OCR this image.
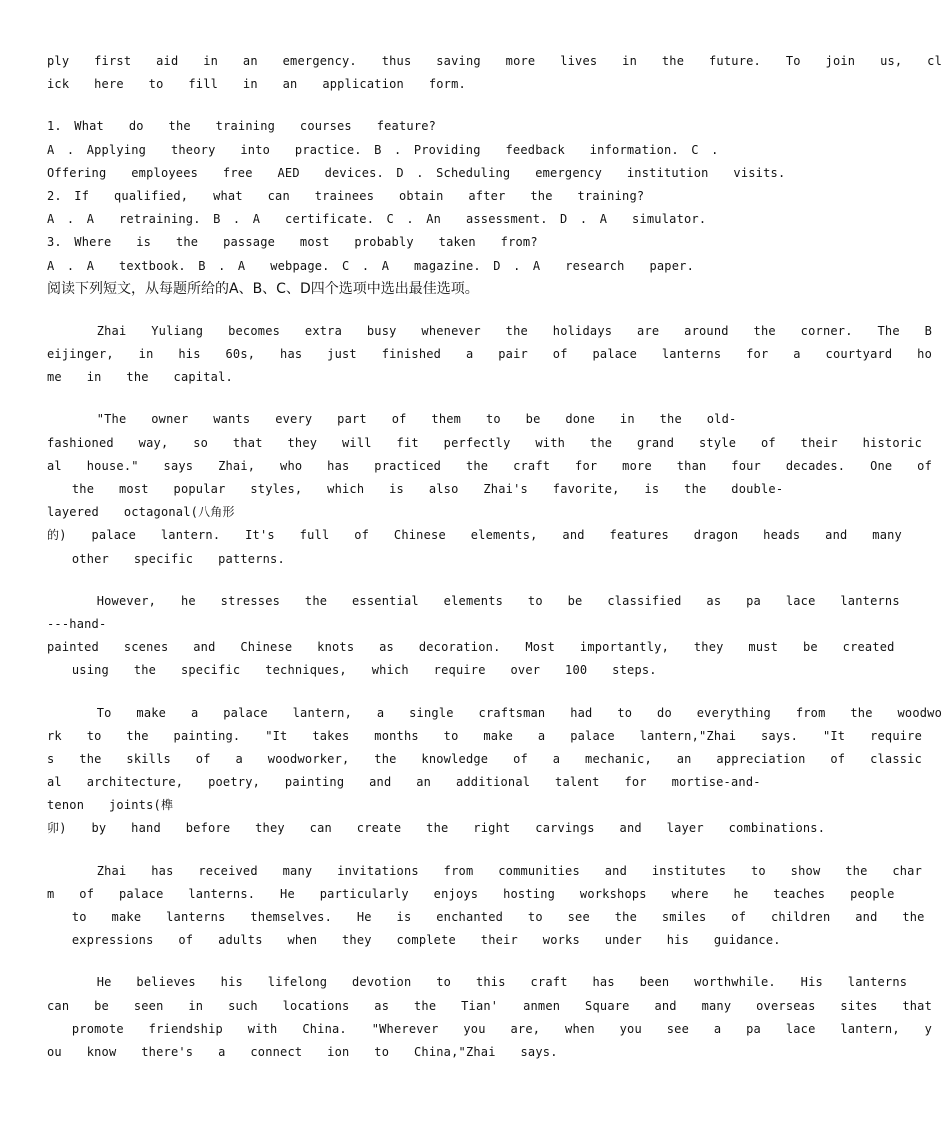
ply  first  aid  in  an  emergency.  thus  saving  more  lives  in  the  future.  To  join  us,  cl
ick  here  to  fill  in  an  application  form.
1. What  do  the  training  courses  feature?
A . Applying  theory  into  practice. B . Providing  feedback  information. C .
Offering  employees  free  AED  devices. D . Scheduling  emergency  institution  visits.
2. If  qualified,  what  can  trainees  obtain  after  the  training?
A . A  retraining. B . A  certificate. C . An  assessment. D . A  simulator.
3. Where  is  the  passage  most  probably  taken  from?
A . A  textbook. B . A  webpage. C . A  magazine. D . A  research  paper.
阅读下列短文，从每题所给的A、B、C、D四个选项中选出最佳选项。
Zhai  Yuliang  becomes  extra  busy  whenever  the  holidays  are  around  the  corner.  The  B
eijinger,  in  his  60s,  has  just  finished  a  pair  of  palace  lanterns  for  a  courtyard  ho
me  in  the  capital.
"The  owner  wants  every  part  of  them  to  be  done  in  the  old-
fashioned  way,  so  that  they  will  fit  perfectly  with  the  grand  style  of  their  historic
al  house."  says  Zhai,  who  has  practiced  the  craft  for  more  than  four  decades.  One  of
the  most  popular  styles,  which  is  also  Zhai's  favorite,  is  the  double-
layered  octagonal(八角形
的)  palace  lantern.  It's  full  of  Chinese  elements,  and  features  dragon  heads  and  many
other  specific  patterns.
However,  he  stresses  the  essential  elements  to  be  classified  as  pa  lace  lanterns
---hand-
painted  scenes  and  Chinese  knots  as  decoration.  Most  importantly,  they  must  be  created
using  the  specific  techniques,  which  require  over  100  steps.
To  make  a  palace  lantern,  a  single  craftsman  had  to  do  everything  from  the  woodwo
rk  to  the  painting.  "It  takes  months  to  make  a  palace  lantern,"Zhai  says.  "It  require
s  the  skills  of  a  woodworker,  the  knowledge  of  a  mechanic,  an  appreciation  of  classic
al  architecture,  poetry,  painting  and  an  additional  talent  for  mortise-and-
tenon  joints(榫
卯)  by  hand  before  they  can  create  the  right  carvings  and  layer  combinations.
Zhai  has  received  many  invitations  from  communities  and  institutes  to  show  the  char
m  of  palace  lanterns.  He  particularly  enjoys  hosting  workshops  where  he  teaches  people
to  make  lanterns  themselves.  He  is  enchanted  to  see  the  smiles  of  children  and  the
expressions  of  adults  when  they  complete  their  works  under  his  guidance.
He  believes  his  lifelong  devotion  to  this  craft  has  been  worthwhile.  His  lanterns
can  be  seen  in  such  locations  as  the  Tian'  anmen  Square  and  many  overseas  sites  that
promote  friendship  with  China.  "Wherever  you  are,  when  you  see  a  pa  lace  lantern,  y
ou  know  there's  a  connect  ion  to  China,"Zhai  says.
